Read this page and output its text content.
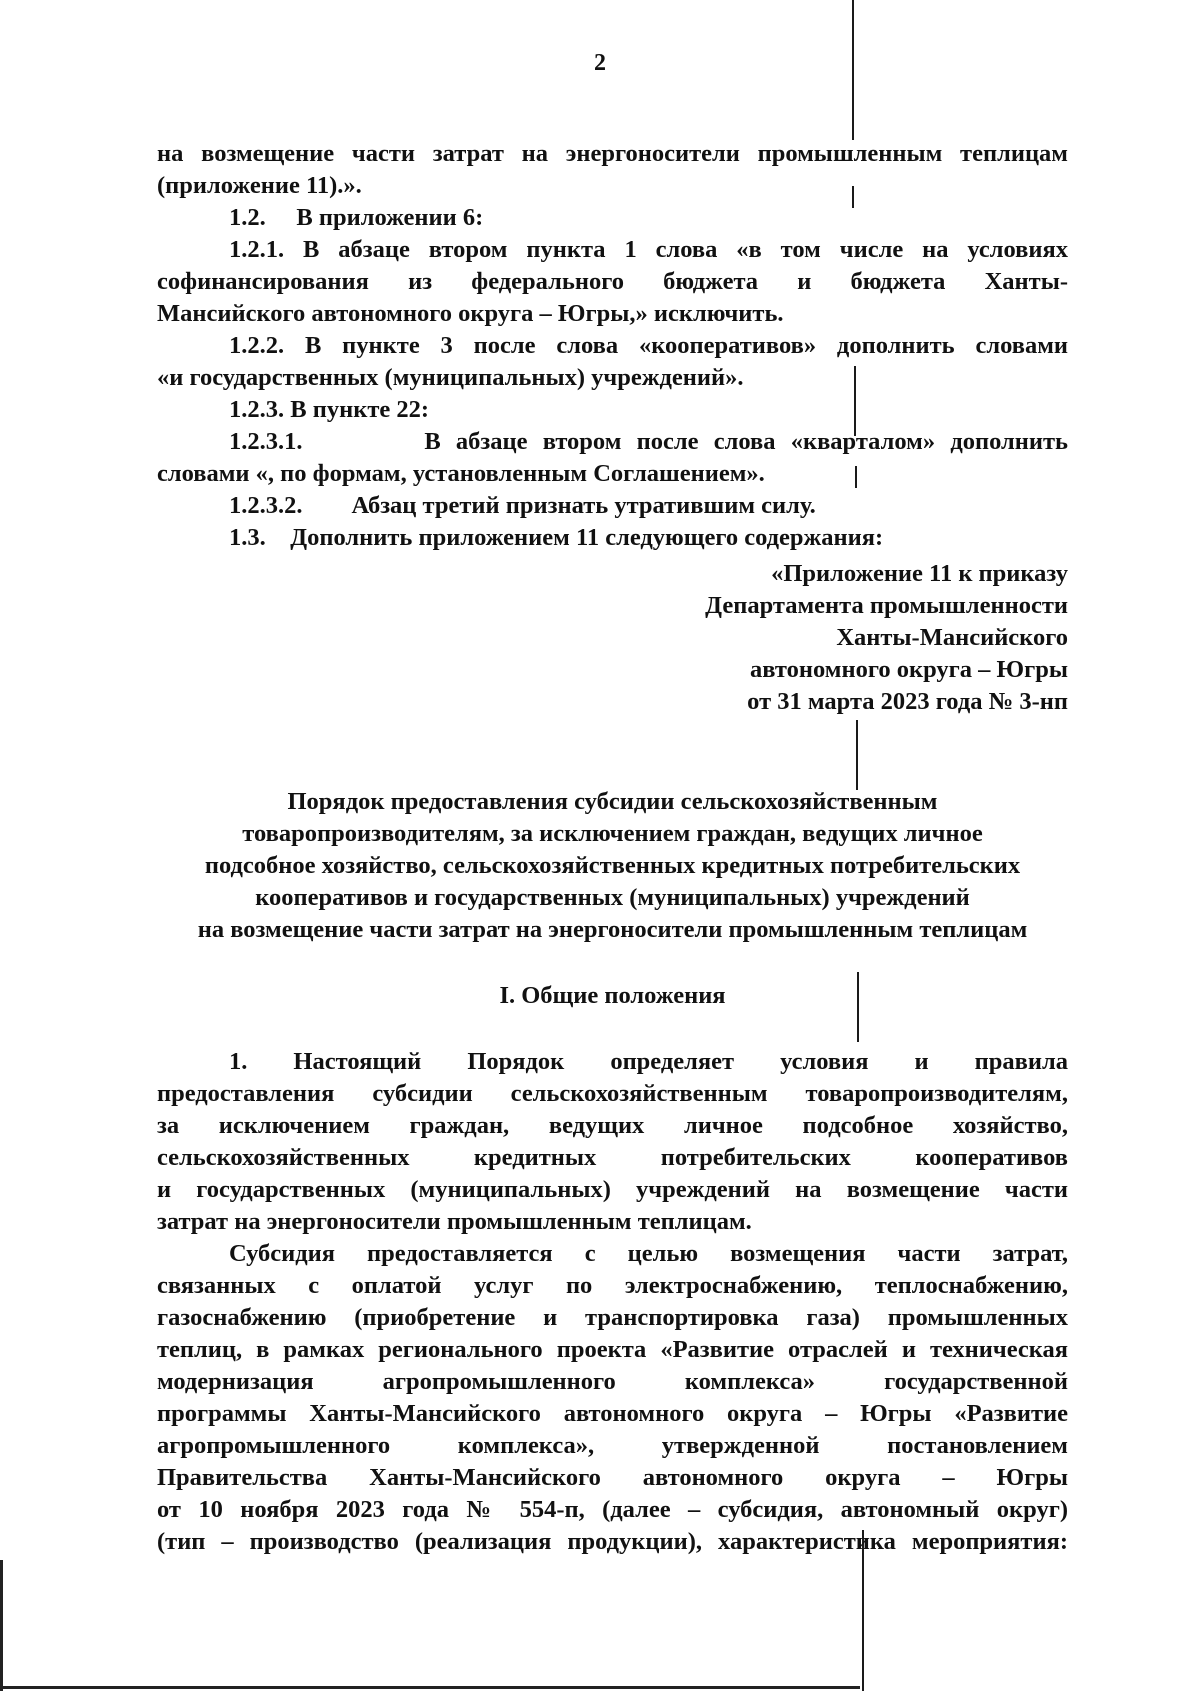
2

на возмещение части затрат на энергоносители промышленным теплицам

(приложение 11).».

1.2.     В приложении 6:

1.2.1. В абзаце втором пункта 1 слова «в том числе на условиях

софинансирования из федерального бюджета и бюджета Ханты-

Мансийского автономного округа – Югры,» исключить.

1.2.2. В пункте 3 после слова «кооперативов» дополнить словами

«и государственных (муниципальных) учреждений».

1.2.3. В пункте 22:

1.2.3.1.        В абзаце втором после слова «кварталом» дополнить

словами «, по формам, установленным Соглашением».

1.2.3.2.        Абзац третий признать утратившим силу.

1.3.    Дополнить приложением 11 следующего содержания:

«Приложение 11 к приказу
Департамента промышленности
Ханты-Мансийского
автономного округа – Югры
от 31 марта 2023 года № 3-нп
Порядок предоставления субсидии сельскохозяйственным
товаропроизводителям, за исключением граждан, ведущих личное
подсобное хозяйство, сельскохозяйственных кредитных потребительских
кооперативов и государственных (муниципальных) учреждений
на возмещение части затрат на энергоносители промышленным теплицам
I. Общие положения

1. Настоящий Порядок определяет условия и правила
предоставления субсидии сельскохозяйственным товаропроизводителям,
за исключением граждан, ведущих личное подсобное хозяйство,
сельскохозяйственных кредитных потребительских кооперативов
и государственных (муниципальных) учреждений на возмещение части
затрат на энергоносители промышленным теплицам.

Субсидия предоставляется с целью возмещения части затрат,
связанных с оплатой услуг по электроснабжению, теплоснабжению,
газоснабжению (приобретение и транспортировка газа) промышленных
теплиц, в рамках регионального проекта «Развитие отраслей и техническая
модернизация агропромышленного комплекса» государственной
программы Ханты-Мансийского автономного округа – Югры «Развитие
агропромышленного комплекса», утвержденной постановлением
Правительства Ханты-Мансийского автономного округа – Югры
от 10 ноября 2023 года № 554-п, (далее – субсидия, автономный округ)
(тип – производство (реализация продукции), характеристика мероприятия:
